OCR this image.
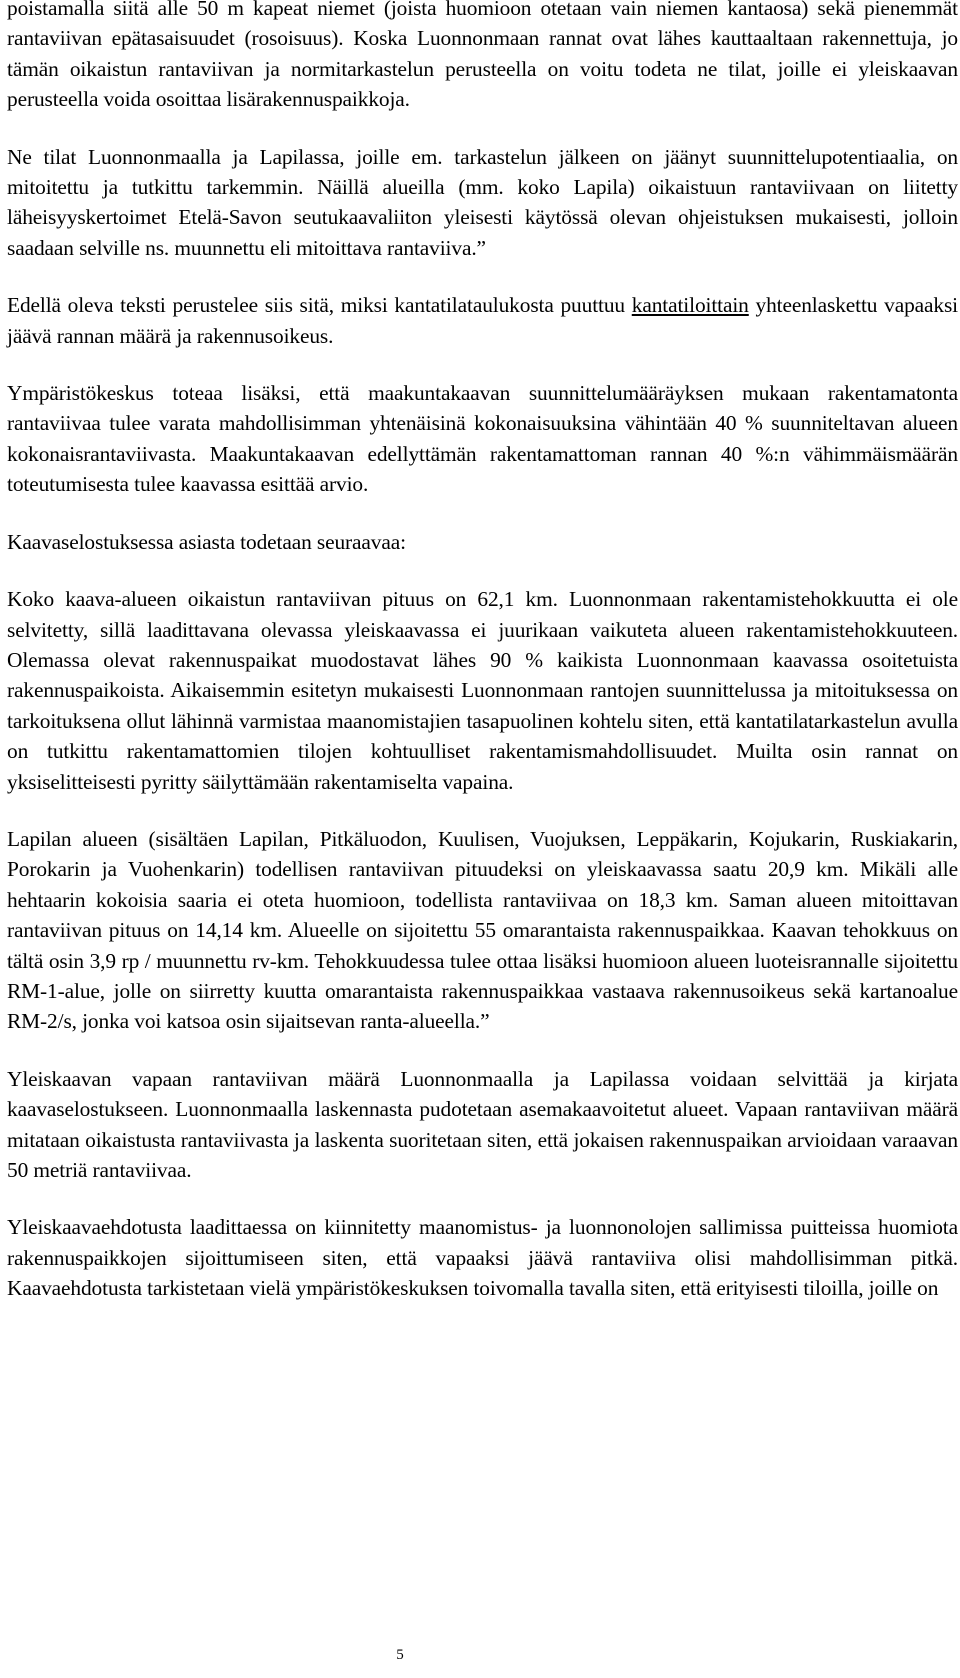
poistamalla siitä alle 50 m kapeat niemet (joista huomioon otetaan vain niemen kantaosa) sekä pienemmät rantaviivan epätasaisuudet (rosoisuus). Koska Luonnonmaan rannat ovat lähes kauttaaltaan rakennettuja, jo tämän oikaistun rantaviivan ja normitarkastelun perusteella on voitu todeta ne tilat, joille ei yleiskaavan perusteella voida osoittaa lisärakennuspaikkoja.

Ne tilat Luonnonmaalla ja Lapilassa, joille em. tarkastelun jälkeen on jäänyt suunnittelupotentiaalia, on mitoitettu ja tutkittu tarkemmin. Näillä alueilla (mm. koko Lapila) oikaistuun rantaviivaan on liitetty läheisyyskertoimet Etelä-Savon seutukaavaliiton yleisesti käytössä olevan ohjeistuksen mukaisesti, jolloin saadaan selville ns. muunnettu eli mitoittava rantaviiva.”

Edellä oleva teksti perustelee siis sitä, miksi kantatilataulukosta puuttuu kantatiloittain yhteenlaskettu vapaaksi jäävä rannan määrä ja rakennusoikeus.

Ympäristökeskus toteaa lisäksi, että maakuntakaavan suunnittelumääräyksen mukaan rakentamatonta rantaviivaa tulee varata mahdollisimman yhtenäisinä kokonaisuuksina vähintään 40 % suunniteltavan alueen kokonaisrantaviivasta. Maakuntakaavan edellyttämän rakentamattoman rannan 40 %:n vähimmäismäärän toteutumisesta tulee kaavassa esittää arvio.

Kaavaselostuksessa asiasta todetaan seuraavaa:

Koko kaava-alueen oikaistun rantaviivan pituus on 62,1 km. Luonnonmaan rakentamistehokkuutta ei ole selvitetty, sillä laadittavana olevassa yleiskaavassa ei juurikaan vaikuteta alueen rakentamistehokkuuteen. Olemassa olevat rakennuspaikat muodostavat lähes 90 % kaikista Luonnonmaan kaavassa osoitetuista rakennuspaikoista. Aikaisemmin esitetyn mukaisesti Luonnonmaan rantojen suunnittelussa ja mitoituksessa on tarkoituksena ollut lähinnä varmistaa maanomistajien tasapuolinen kohtelu siten, että kantatilatarkastelun avulla on tutkittu rakentamattomien tilojen kohtuulliset rakentamismahdollisuudet. Muilta osin rannat on yksiselitteisesti pyritty säilyttämään rakentamiselta vapaina.

Lapilan alueen (sisältäen Lapilan, Pitkäluodon, Kuulisen, Vuojuksen, Leppäkarin, Kojukarin, Ruskiakarin, Porokarin ja Vuohenkarin) todellisen rantaviivan pituudeksi on yleiskaavassa saatu 20,9 km. Mikäli alle hehtaarin kokoisia saaria ei oteta huomioon, todellista rantaviivaa on 18,3 km. Saman alueen mitoittavan rantaviivan pituus on 14,14 km. Alueelle on sijoitettu 55 omarantaista rakennuspaikkaa. Kaavan tehokkuus on tältä osin 3,9 rp / muunnettu rv-km. Tehokkuudessa tulee ottaa lisäksi huomioon alueen luoteisrannalle sijoitettu RM-1-alue, jolle on siirretty kuutta omarantaista rakennuspaikkaa vastaava rakennusoikeus sekä kartanoalue RM-2/s, jonka voi katsoa osin sijaitsevan ranta-alueella.”

Yleiskaavan vapaan rantaviivan määrä Luonnonmaalla ja Lapilassa voidaan selvittää ja kirjata kaavaselostukseen. Luonnonmaalla laskennasta pudotetaan asemakaavoitetut alueet. Vapaan rantaviivan määrä mitataan oikaistusta rantaviivasta ja laskenta suoritetaan siten, että jokaisen rakennuspaikan arvioidaan varaavan 50 metriä rantaviivaa.

Yleiskaavaehdotusta laadittaessa on kiinnitetty maanomistus- ja luonnonolojen sallimissa puitteissa huomiota rakennuspaikkojen sijoittumiseen siten, että vapaaksi jäävä rantaviiva olisi mahdollisimman pitkä. Kaavaehdotusta tarkistetaan vielä ympäristökeskuksen toivomalla tavalla siten, että erityisesti tiloilla, joille on

5
